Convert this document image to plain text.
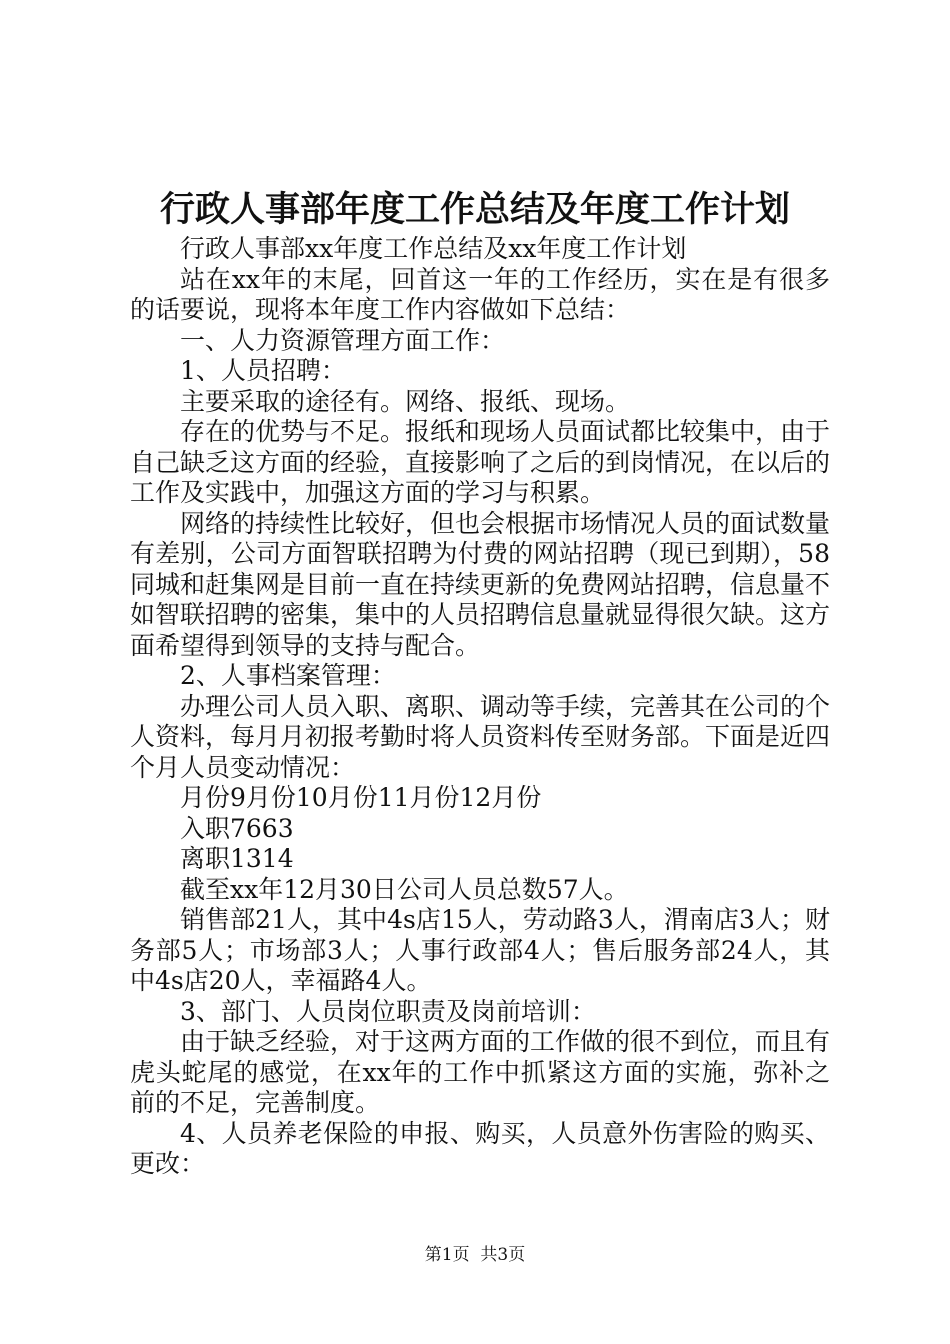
行政人事部年度工作总结及年度工作计划

行政人事部xx年度工作总结及xx年度工作计划

站在xx年的末尾，回首这一年的工作经历，实在是有很多的话要说，现将本年度工作内容做如下总结：

一、人力资源管理方面工作：

1、人员招聘：

主要采取的途径有。网络、报纸、现场。

存在的优势与不足。报纸和现场人员面试都比较集中，由于自己缺乏这方面的经验，直接影响了之后的到岗情况，在以后的工作及实践中，加强这方面的学习与积累。

网络的持续性比较好，但也会根据市场情况人员的面试数量有差别，公司方面智联招聘为付费的网站招聘（现已到期），58同城和赶集网是目前一直在持续更新的免费网站招聘，信息量不如智联招聘的密集，集中的人员招聘信息量就显得很欠缺。这方面希望得到领导的支持与配合。

2、人事档案管理：

办理公司人员入职、离职、调动等手续，完善其在公司的个人资料，每月月初报考勤时将人员资料传至财务部。下面是近四个月人员变动情况：

月份9月份10月份11月份12月份

入职7663

离职1314

截至xx年12月30日公司人员总数57人。

销售部21人，其中4s店15人，劳动路3人，渭南店3人；财务部5人；市场部3人；人事行政部4人；售后服务部24人，其中4s店20人，幸福路4人。

3、部门、人员岗位职责及岗前培训：

由于缺乏经验，对于这两方面的工作做的很不到位，而且有虎头蛇尾的感觉，在xx年的工作中抓紧这方面的实施，弥补之前的不足，完善制度。

4、人员养老保险的申报、购买，人员意外伤害险的购买、更改：

第1页 共3页
